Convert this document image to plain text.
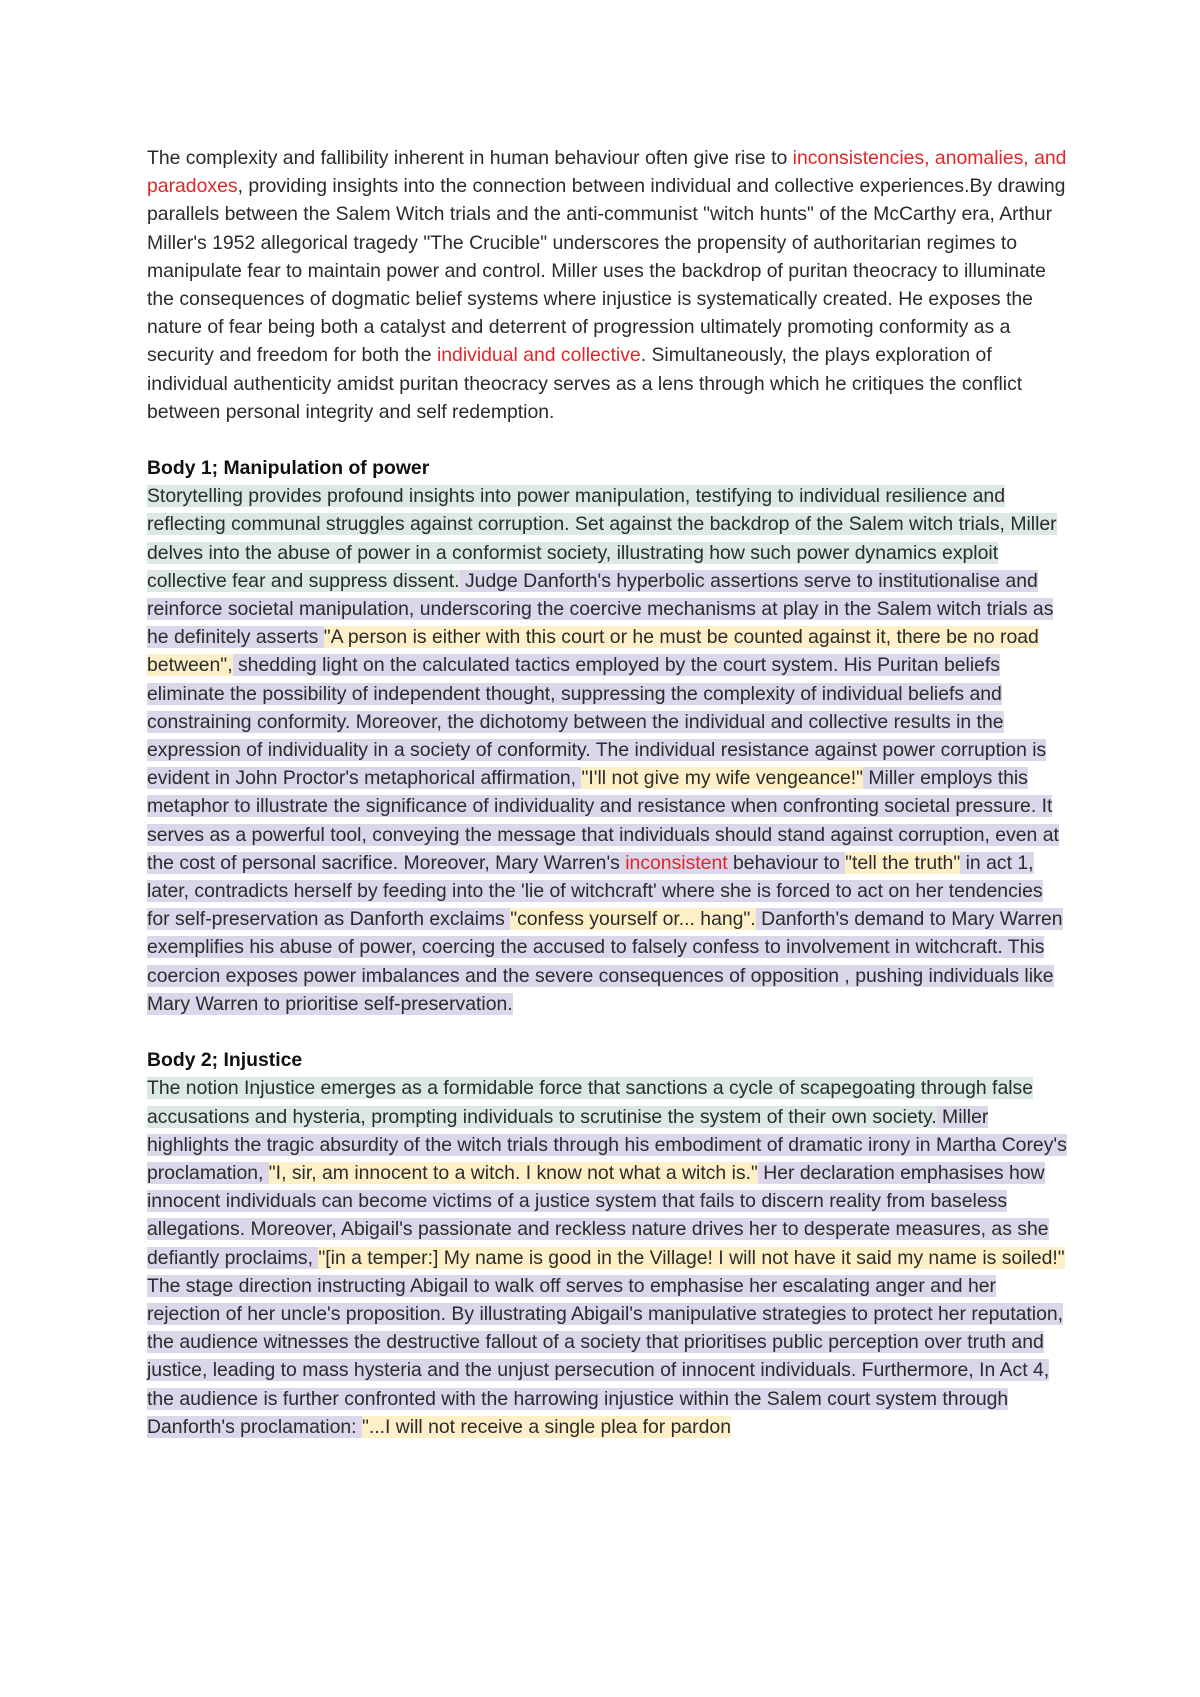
The complexity and fallibility inherent in human behaviour often give rise to inconsistencies, anomalies, and paradoxes, providing insights into the connection between individual and collective experiences.By drawing parallels between the Salem Witch trials and the anti-communist "witch hunts" of the McCarthy era, Arthur Miller's 1952 allegorical tragedy "The Crucible" underscores the propensity of authoritarian regimes to manipulate fear to maintain power and control. Miller uses the backdrop of puritan theocracy to illuminate the consequences of dogmatic belief systems where injustice is systematically created. He exposes the nature of fear being both a catalyst and deterrent of progression ultimately promoting conformity as a security and freedom for both the individual and collective. Simultaneously, the plays exploration of individual authenticity amidst puritan theocracy serves as a lens through which he critiques the conflict between personal integrity and self redemption.

Body 1; Manipulation of power

Storytelling provides profound insights into power manipulation, testifying to individual resilience and reflecting communal struggles against corruption. Set against the backdrop of the Salem witch trials, Miller delves into the abuse of power in a conformist society, illustrating how such power dynamics exploit collective fear and suppress dissent. Judge Danforth's hyperbolic assertions serve to institutionalise and reinforce societal manipulation, underscoring the coercive mechanisms at play in the Salem witch trials as he definitely asserts "A person is either with this court or he must be counted against it, there be no road between", shedding light on the calculated tactics employed by the court system. His Puritan beliefs eliminate the possibility of independent thought, suppressing the complexity of individual beliefs and constraining conformity. Moreover, the dichotomy between the individual and collective results in the expression of individuality in a society of conformity. The individual resistance against power corruption is evident in John Proctor's metaphorical affirmation, "I'll not give my wife vengeance!" Miller employs this metaphor to illustrate the significance of individuality and resistance when confronting societal pressure. It serves as a powerful tool, conveying the message that individuals should stand against corruption, even at the cost of personal sacrifice. Moreover, Mary Warren's inconsistent behaviour to "tell the truth" in act 1, later, contradicts herself by feeding into the 'lie of witchcraft' where she is forced to act on her tendencies for self-preservation as Danforth exclaims "confess yourself or... hang". Danforth's demand to Mary Warren exemplifies his abuse of power, coercing the accused to falsely confess to involvement in witchcraft. This coercion exposes power imbalances and the severe consequences of opposition , pushing individuals like Mary Warren to prioritise self-preservation.

Body 2; Injustice

The notion Injustice emerges as a formidable force that sanctions a cycle of scapegoating through false accusations and hysteria, prompting individuals to scrutinise the system of their own society. Miller highlights the tragic absurdity of the witch trials through his embodiment of dramatic irony in Martha Corey's proclamation, "I, sir, am innocent to a witch. I know not what a witch is." Her declaration emphasises how innocent individuals can become victims of a justice system that fails to discern reality from baseless allegations. Moreover, Abigail's passionate and reckless nature drives her to desperate measures, as she defiantly proclaims, "[in a temper:] My name is good in the Village! I will not have it said my name is soiled!" The stage direction instructing Abigail to walk off serves to emphasise her escalating anger and her rejection of her uncle's proposition. By illustrating Abigail's manipulative strategies to protect her reputation, the audience witnesses the destructive fallout of a society that prioritises public perception over truth and justice, leading to mass hysteria and the unjust persecution of innocent individuals. Furthermore, In Act 4, the audience is further confronted with the harrowing injustice within the Salem court system through Danforth's proclamation: "...I will not receive a single plea for pardon
